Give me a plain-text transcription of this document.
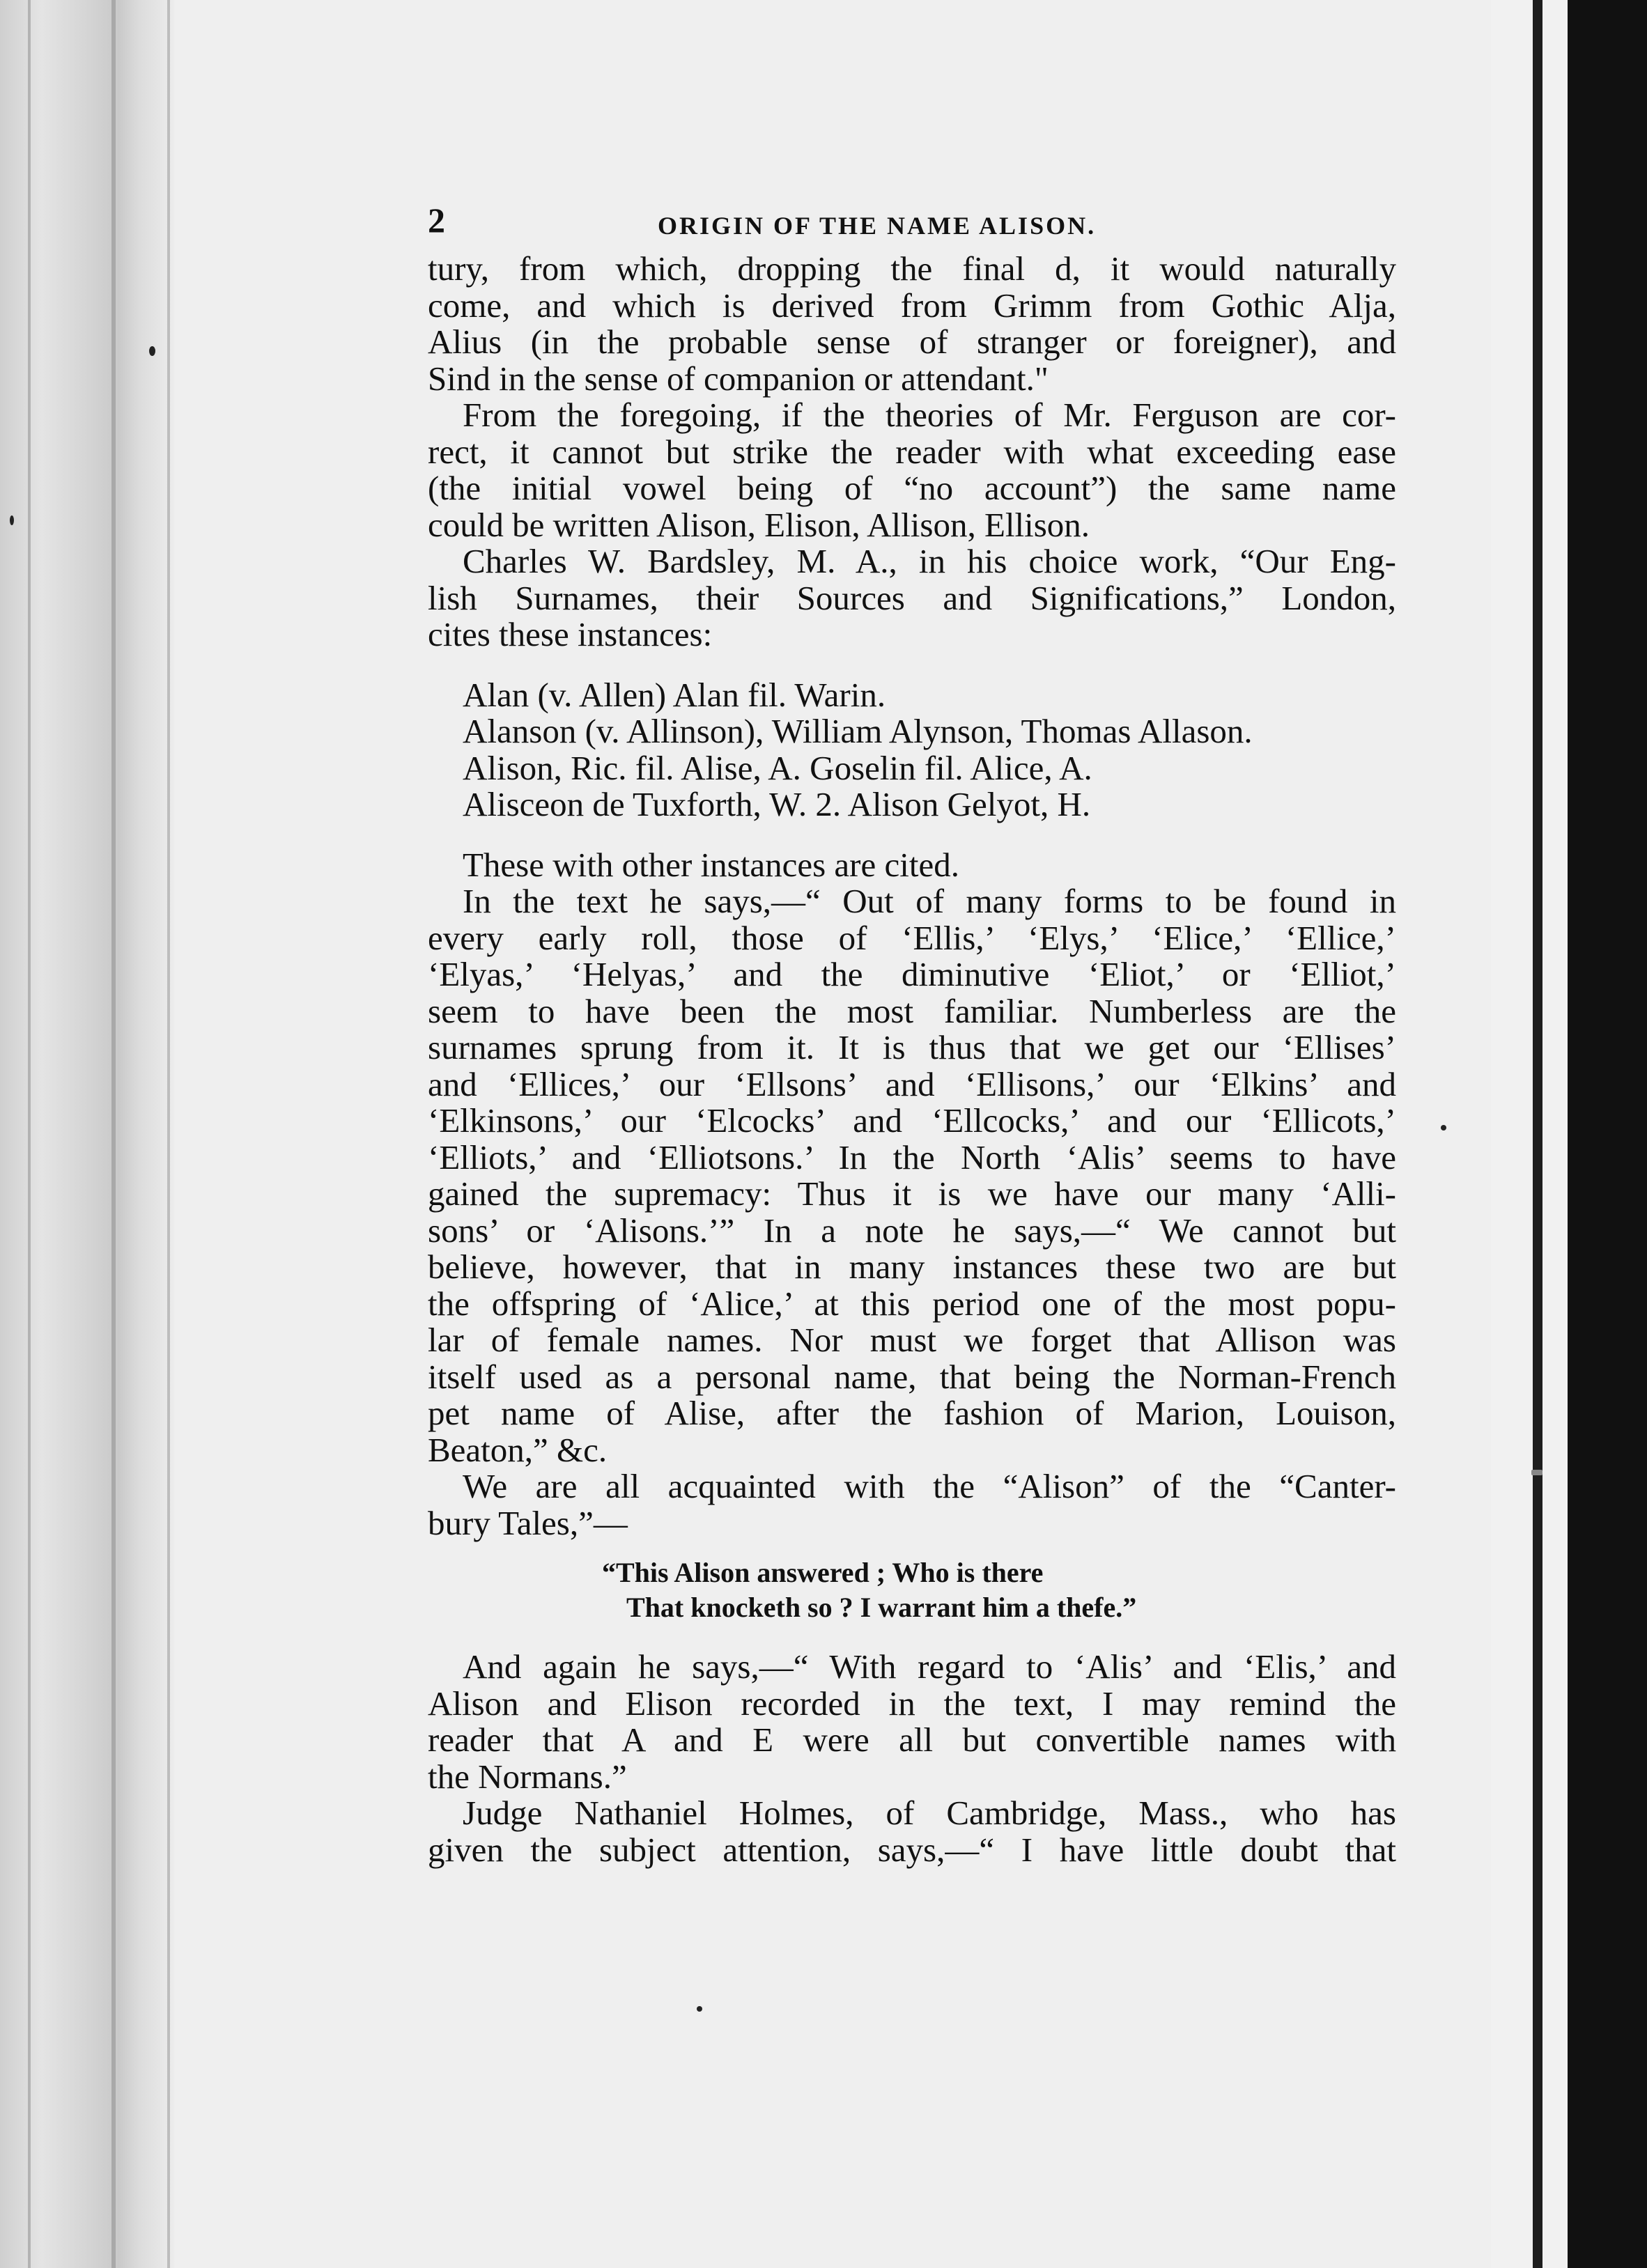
2	ORIGIN OF THE NAME ALISON.
tury, from which, dropping the final d, it would naturally
come, and which is derived from Grimm from Gothic Alja,
Alius (in the probable sense of stranger or foreigner), and
Sind in the sense of companion or attendant."
From the foregoing, if the theories of Mr. Ferguson are cor-
rect, it cannot but strike the reader with what exceeding ease
(the initial vowel being of “no account”) the same name
could be written Alison, Elison, Allison, Ellison.
Charles W. Bardsley, M. A., in his choice work, “Our Eng-
lish Surnames, their Sources and Significations,” London,
cites these instances:
Alan (v. Allen) Alan fil. Warin.
Alanson (v. Allinson), William Alynson, Thomas Allason.
Alison, Ric. fil. Alise, A. Goselin fil. Alice, A.
Alisceon de Tuxforth, W. 2. Alison Gelyot, H.
These with other instances are cited.
In the text he says,—“ Out of many forms to be found in
every early roll, those of ‘Ellis,’ ‘Elys,’ ‘Elice,’ ‘Ellice,’
‘Elyas,’ ‘Helyas,’ and the diminutive ‘Eliot,’ or ‘Elliot,’
seem to have been the most familiar. Numberless are the
surnames sprung from it. It is thus that we get our ‘Ellises’
and ‘Ellices,’ our ‘Ellsons’ and ‘Ellisons,’ our ‘Elkins’ and
‘Elkinsons,’ our ‘Elcocks’ and ‘Ellcocks,’ and our ‘Ellicots,’
‘Elliots,’ and ‘Elliotsons.’ In the North ‘Alis’ seems to have
gained the supremacy: Thus it is we have our many ‘Alli-
sons’ or ‘Alisons.’” In a note he says,—“ We cannot but
believe, however, that in many instances these two are but
the offspring of ‘Alice,’ at this period one of the most popu-
lar of female names. Nor must we forget that Allison was
itself used as a personal name, that being the Norman-French
pet name of Alise, after the fashion of Marion, Louison,
Beaton,” &c.
We are all acquainted with the “Alison” of the “Canter-
bury Tales,”—
“This Alison answered ; Who is there
That knocketh so ? I warrant him a thefe.”
And again he says,—“ With regard to ‘Alis’ and ‘Elis,’ and
Alison and Elison recorded in the text, I may remind the
reader that A and E were all but convertible names with
the Normans.”
Judge Nathaniel Holmes, of Cambridge, Mass., who has
given the subject attention, says,—“ I have little doubt that
